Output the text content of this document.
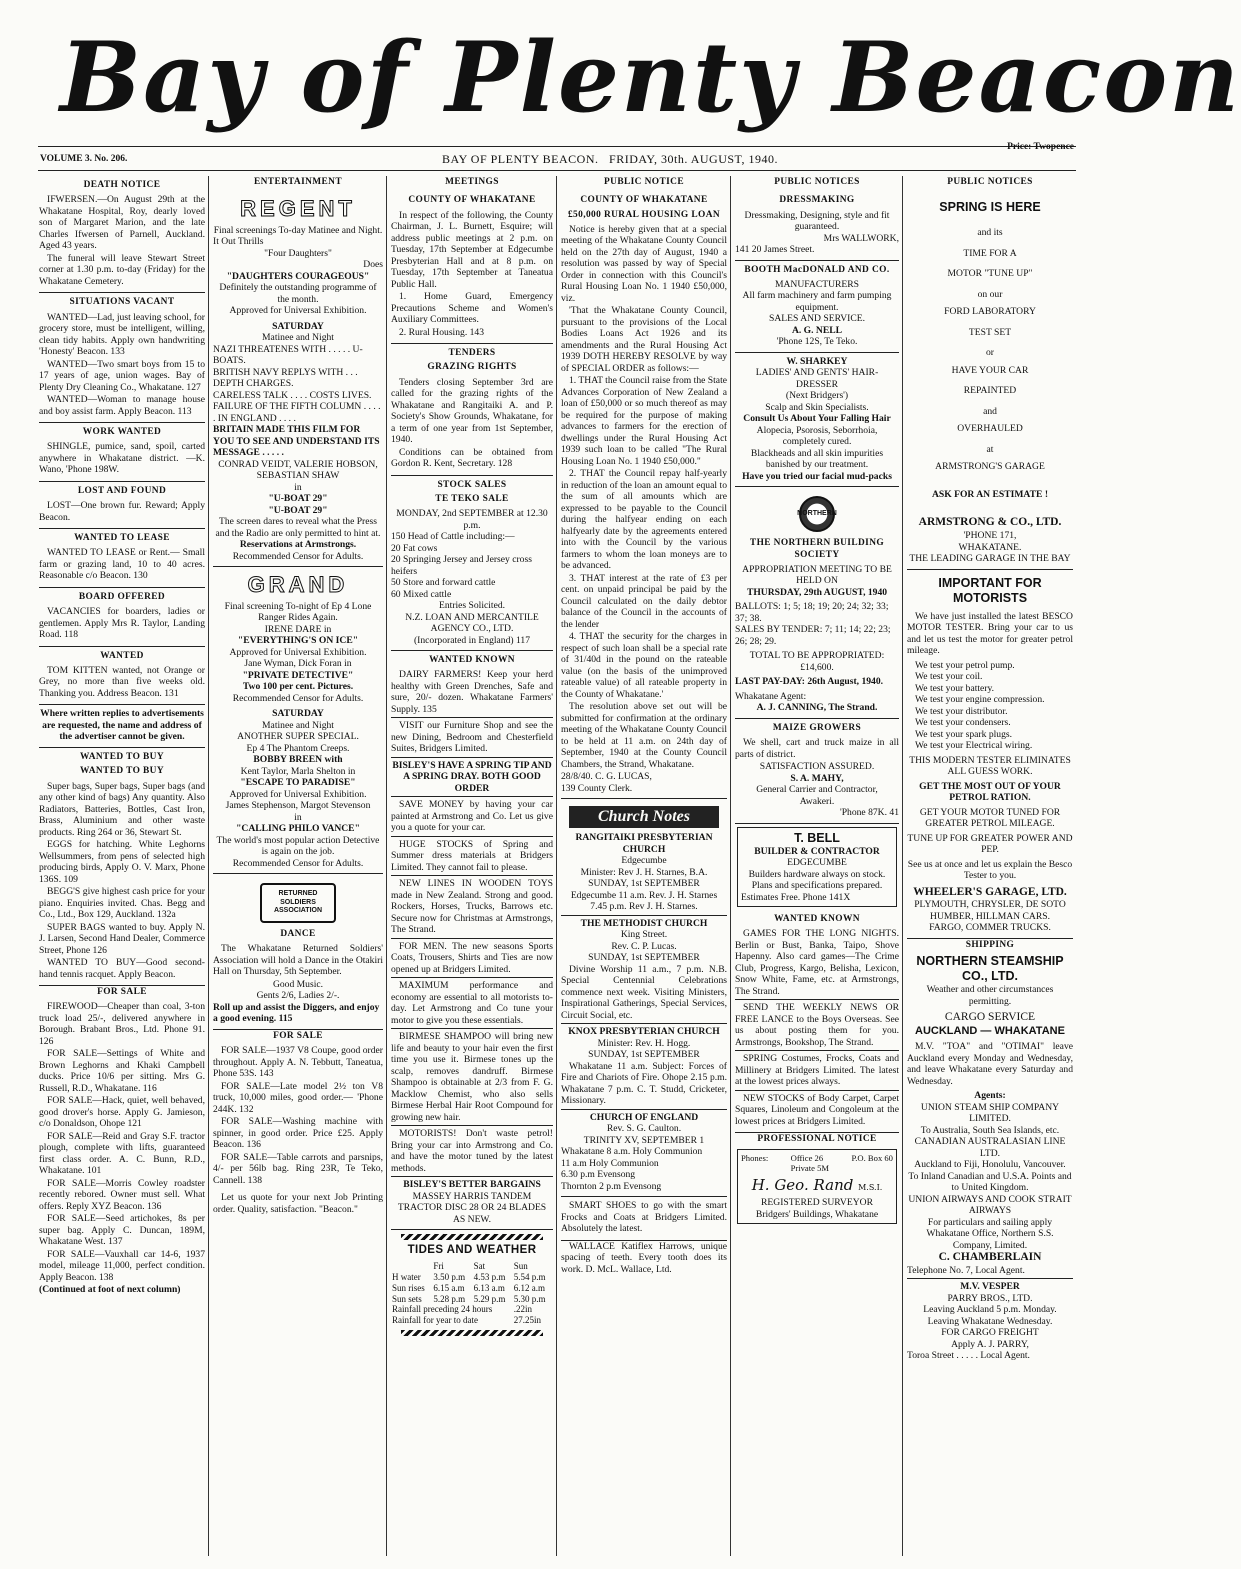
Bay of Plenty Beacon
VOLUME 3. No. 206.	BAY OF PLENTY BEACON. FRIDAY, 30th. AUGUST, 1940.
Price: Twopence
DEATH NOTICE

IFWERSEN.—On August 29th at the Whakatane Hospital, Roy, dearly loved son of Margaret Marion, and the late Charles Ifwersen of Parnell, Auckland. Aged 43 years.

The funeral will leave Stewart Street corner at 1.30 p.m. to-day (Friday) for the Whakatane Cemetery.

SITUATIONS VACANT

WANTED—Lad, just leaving school, for grocery store, must be intelligent, willing, clean tidy habits. Apply own handwriting 'Honesty' Beacon. 133

WANTED—Two smart boys from 15 to 17 years of age, union wages. Bay of Plenty Dry Cleaning Co., Whakatane. 127

WANTED—Woman to manage house and boy assist farm. Apply Beacon. 113

WORK WANTED

SHINGLE, pumice, sand, spoil, carted anywhere in Whakatane district. —K. Wano, 'Phone 198W.

LOST AND FOUND

LOST—One brown fur. Reward; Apply Beacon.

WANTED TO LEASE

WANTED TO LEASE or Rent.— Small farm or grazing land, 10 to 40 acres. Reasonable c/o Beacon. 130

BOARD OFFERED

VACANCIES for boarders, ladies or gentlemen. Apply Mrs R. Taylor, Landing Road. 118

WANTED

TOM KITTEN wanted, not Orange or Grey, no more than five weeks old. Thanking you. Address Beacon. 131

Where written replies to advertisements are requested, the name and address of the advertiser cannot be given.

WANTED TO BUY
WANTED TO BUY

Super bags, Super bags, Super bags (and any other kind of bags) Any quantity. Also Radiators, Batteries, Bottles, Cast Iron, Brass, Aluminium and other waste products. Ring 264 or 36, Stewart St.

EGGS for hatching. White Leghorns Wellsummers, from pens of selected high producing birds, Apply O. V. Marx, Phone 136S. 109

BEGG'S give highest cash price for your piano. Enquiries invited. Chas. Begg and Co., Ltd., Box 129, Auckland. 132a

SUPER BAGS wanted to buy. Apply N. J. Larsen, Second Hand Dealer, Commerce Street, Phone 126

WANTED TO BUY—Good second-hand tennis racquet. Apply Beacon.

FOR SALE

FIREWOOD—Cheaper than coal, 3-ton truck load 25/-, delivered anywhere in Borough. Brabant Bros., Ltd. Phone 91. 126

FOR SALE—Settings of White and Brown Leghorns and Khaki Campbell ducks. Price 10/6 per sitting. Mrs G. Russell, R.D., Whakatane. 116

FOR SALE—Hack, quiet, well behaved, good drover's horse. Apply G. Jamieson, c/o Donaldson, Ohope 121

FOR SALE—Reid and Gray S.F. tractor plough, complete with lifts, guaranteed first class order. A. C. Bunn, R.D., Whakatane. 101

FOR SALE—Morris Cowley roadster recently rebored. Owner must sell. What offers. Reply XYZ Beacon. 136

FOR SALE—Seed artichokes, 8s per super bag. Apply C. Duncan, 189M, Whakatane West. 137

FOR SALE—Vauxhall car 14-6, 1937 model, mileage 11,000, perfect condition. Apply Beacon. 138

(Continued at foot of next column)

ENTERTAINMENT
REGENT

Final screenings To-day Matinee and Night.

It Out Thrills

"Four Daughters"

Does

"DAUGHTERS COURAGEOUS"

Definitely the outstanding programme of the month.

Approved for Universal Exhibition.

SATURDAY

Matinee and Night

NAZI THREATENES WITH . . . . . U-BOATS.

BRITISH NAVY REPLYS WITH . . . DEPTH CHARGES.

CARELESS TALK . . . . COSTS LIVES.

FAILURE OF THE FIFTH COLUMN . . . . . IN ENGLAND . . . .

BRITAIN MADE THIS FILM FOR YOU TO SEE AND UNDERSTAND ITS MESSAGE . . . . .

CONRAD VEIDT, VALERIE HOBSON, SEBASTIAN SHAW

in

"U-BOAT 29"

"U-BOAT 29"

The screen dares to reveal what the Press and the Radio are only permitted to hint at.

Reservations at Armstrongs.

Recommended Censor for Adults.

GRAND

Final screening To-night of Ep 4 Lone Ranger Rides Again.

IRENE DARE in

"EVERYTHING'S ON ICE"

Approved for Universal Exhibition.

Jane Wyman, Dick Foran in

"PRIVATE DETECTIVE"

Two 100 per cent. Pictures.

Recommended Censor for Adults.

SATURDAY

Matinee and Night

ANOTHER SUPER SPECIAL.

Ep 4 The Phantom Creeps.

BOBBY BREEN with

Kent Taylor, Marla Shelton in

"ESCAPE TO PARADISE"

Approved for Universal Exhibition.

James Stephenson, Margot Stevenson

in

"CALLING PHILO VANCE"

The world's most popular action Detective is again on the job.

Recommended Censor for Adults.

RETURNED SOLDIERS ASSOCIATION
DANCE

The Whakatane Returned Soldiers' Association will hold a Dance in the Otakiri Hall on Thursday, 5th September.

Good Music.

Gents 2/6, Ladies 2/-.

Roll up and assist the Diggers, and enjoy a good evening. 115

FOR SALE

FOR SALE—1937 V8 Coupe, good order throughout. Apply A. N. Tebbutt, Taneatua, Phone 53S. 143

FOR SALE—Late model 2½ ton V8 truck, 10,000 miles, good order.— 'Phone 244K. 132

FOR SALE—Washing machine with spinner, in good order. Price £25. Apply Beacon. 136

FOR SALE—Table carrots and parsnips, 4/- per 56lb bag. Ring 23R, Te Teko, Cannell. 138

Let us quote for your next Job Printing order. Quality, satisfaction. "Beacon."

MEETINGS
COUNTY OF WHAKATANE

In respect of the following, the County Chairman, J. L. Burnett, Esquire; will address public meetings at 2 p.m. on Tuesday, 17th September at Edgecumbe Presbyterian Hall and at 8 p.m. on Tuesday, 17th September at Taneatua Public Hall.

1. Home Guard, Emergency Precautions Scheme and Women's Auxiliary Committees.

2. Rural Housing. 143

TENDERS
GRAZING RIGHTS

Tenders closing September 3rd are called for the grazing rights of the Whakatane and Rangitaiki A. and P. Society's Show Grounds, Whakatane, for a term of one year from 1st September, 1940.

Conditions can be obtained from Gordon R. Kent, Secretary. 128

STOCK SALES
TE TEKO SALE

MONDAY, 2nd SEPTEMBER at 12.30 p.m.

150 Head of Cattle including:—

20 Fat cows

20 Springing Jersey and Jersey cross heifers

50 Store and forward cattle

60 Mixed cattle

Entries Solicited.

N.Z. LOAN AND MERCANTILE AGENCY CO., LTD.

(Incorporated in England) 117

WANTED KNOWN

DAIRY FARMERS! Keep your herd healthy with Green Drenches, Safe and sure, 20/- dozen. Whakatane Farmers' Supply. 135

VISIT our Furniture Shop and see the new Dining, Bedroom and Chesterfield Suites, Bridgers Limited.

BISLEY'S HAVE A SPRING TIP AND A SPRING DRAY. BOTH GOOD ORDER

SAVE MONEY by having your car painted at Armstrong and Co. Let us give you a quote for your car.

HUGE STOCKS of Spring and Summer dress materials at Bridgers Limited. They cannot fail to please.

NEW LINES IN WOODEN TOYS made in New Zealand. Strong and good. Rockers, Horses, Trucks, Barrows etc. Secure now for Christmas at Armstrongs, The Strand.

FOR MEN. The new seasons Sports Coats, Trousers, Shirts and Ties are now opened up at Bridgers Limited.

MAXIMUM performance and economy are essential to all motorists to-day. Let Armstrong and Co tune your motor to give you these essentials.

BIRMESE SHAMPOO will bring new life and beauty to your hair even the first time you use it. Birmese tones up the scalp, removes dandruff. Birmese Shampoo is obtainable at 2/3 from F. G. Macklow Chemist, who also sells Birmese Herbal Hair Root Compound for growing new hair.

MOTORISTS! Don't waste petrol! Bring your car into Armstrong and Co. and have the motor tuned by the latest methods.

BISLEY'S BETTER BARGAINS

MASSEY HARRIS TANDEM TRACTOR DISC 28 OR 24 BLADES AS NEW.

TIDES AND WEATHER
	Fri	Sat	Sun
H water	3.50 p.m	4.53 p.m	5.54 p.m
Sun rises	6.15 a.m	6.13 a.m	6.12 a.m
Sun sets	5.28 p.m	5.29 p.m	5.30 p.m
Rainfall preceding 24 hours			.22in
Rainfall for year to date			27.25in
PUBLIC NOTICE
COUNTY OF WHAKATANE
£50,000 RURAL HOUSING LOAN

Notice is hereby given that at a special meeting of the Whakatane County Council held on the 27th day of August, 1940 a resolution was passed by way of Special Order in connection with this Council's Rural Housing Loan No. 1 1940 £50,000, viz.

'That the Whakatane County Council, pursuant to the provisions of the Local Bodies Loans Act 1926 and its amendments and the Rural Housing Act 1939 DOTH HEREBY RESOLVE by way of SPECIAL ORDER as follows:—

1. THAT the Council raise from the State Advances Corporation of New Zealand a loan of £50,000 or so much thereof as may be required for the purpose of making advances to farmers for the erection of dwellings under the Rural Housing Act 1939 such loan to be called "The Rural Housing Loan No. 1 1940 £50,000."

2. THAT the Council repay half-yearly in reduction of the loan an amount equal to the sum of all amounts which are expressed to be payable to the Council during the halfyear ending on each halfyearly date by the agreements entered into with the Council by the various farmers to whom the loan moneys are to be advanced.

3. THAT interest at the rate of £3 per cent. on unpaid principal be paid by the Council calculated on the daily debtor balance of the Council in the accounts of the lender

4. THAT the security for the charges in respect of such loan shall be a special rate of 31/40d in the pound on the rateable value (on the basis of the unimproved rateable value) of all rateable property in the County of Whakatane.'

The resolution above set out will be submitted for confirmation at the ordinary meeting of the Whakatane County Council to be held at 11 a.m. on 24th day of September, 1940 at the County Council Chambers, the Strand, Whakatane.

28/8/40. C. G. LUCAS,

139 County Clerk.

Church Notes

RANGITAIKI PRESBYTERIAN CHURCH

Edgecumbe

Minister: Rev J. H. Starnes, B.A.

SUNDAY, 1st SEPTEMBER

Edgecumbe 11 a.m. Rev. J. H. Starnes

7.45 p.m. Rev J. H. Starnes.

THE METHODIST CHURCH

King Street.

Rev. C. P. Lucas.

SUNDAY, 1st SEPTEMBER

Divine Worship 11 a.m., 7 p.m. N.B. Special Centennial Celebrations commence next week. Visiting Ministers, Inspirational Gatherings, Special Services, Circuit Social, etc.

KNOX PRESBYTERIAN CHURCH

Minister: Rev. H. Hogg.

SUNDAY, 1st SEPTEMBER

Whakatane 11 a.m. Subject: Forces of Fire and Chariots of Fire. Ohope 2.15 p.m. Whakatane 7 p.m. C. T. Studd, Cricketer, Missionary.

CHURCH OF ENGLAND

Rev. S. G. Caulton.

TRINITY XV, SEPTEMBER 1

Whakatane 8 a.m. Holy Communion

11 a.m Holy Communion

6.30 p.m Evensong

Thornton 2 p.m Evensong

SMART SHOES to go with the smart Frocks and Coats at Bridgers Limited. Absolutely the latest.

WALLACE Katiflex Harrows, unique spacing of teeth. Every tooth does its work. D. McL. Wallace, Ltd.

PUBLIC NOTICES
DRESSMAKING

Dressmaking, Designing, style and fit guaranteed.

Mrs WALLWORK,

141 20 James Street.

BOOTH MacDONALD AND CO.

MANUFACTURERS

All farm machinery and farm pumping equipment.

SALES AND SERVICE.

A. G. NELL

'Phone 12S, Te Teko.

W. SHARKEY

LADIES' AND GENTS' HAIR-DRESSER

(Next Bridgers')

Scalp and Skin Specialists.

Consult Us About Your Falling Hair

Alopecia, Psorosis, Seborrhoia, completely cured.

Blackheads and all skin impurities banished by our treatment.

Have you tried our facial mud-packs

NORTHERN
THE NORTHERN BUILDING SOCIETY

APPROPRIATION MEETING TO BE HELD ON

THURSDAY, 29th AUGUST, 1940

BALLOTS: 1; 5; 18; 19; 20; 24; 32; 33; 37; 38.

SALES BY TENDER: 7; 11; 14; 22; 23; 26; 28; 29.

TOTAL TO BE APPROPRIATED:

£14,600.

LAST PAY-DAY: 26th August, 1940.

Whakatane Agent:

A. J. CANNING, The Strand.

MAIZE GROWERS

We shell, cart and truck maize in all parts of district.

SATISFACTION ASSURED.

S. A. MAHY,

General Carrier and Contractor,

Awakeri.

'Phone 87K. 41

T. BELL

BUILDER & CONTRACTOR

EDGECUMBE

Builders hardware always on stock. Plans and specifications prepared.

Estimates Free. Phone 141X

WANTED KNOWN

GAMES FOR THE LONG NIGHTS. Berlin or Bust, Banka, Taipo, Shove Hapenny. Also card games—The Crime Club, Progress, Kargo, Belisha, Lexicon, Snow White, Fame, etc. at Armstrongs, The Strand.

SEND THE WEEKLY NEWS OR FREE LANCE to the Boys Overseas. See us about posting them for you. Armstrongs, Bookshop, The Strand.

SPRING Costumes, Frocks, Coats and Millinery at Bridgers Limited. The latest at the lowest prices always.

NEW STOCKS of Body Carpet, Carpet Squares, Linoleum and Congoleum at the lowest prices at Bridgers Limited.

PROFESSIONAL NOTICE
Phones:	Office 26
Private 5M
P.O. Box 60
H. Geo. Rand M.S.I.

REGISTERED SURVEYOR

Bridgers' Buildings, Whakatane

PUBLIC NOTICES

SPRING IS HERE

and its

TIME FOR A

MOTOR "TUNE UP"

on our

FORD LABORATORY

TEST SET

or

HAVE YOUR CAR

REPAINTED

and

OVERHAULED

at

ARMSTRONG'S GARAGE

ASK FOR AN ESTIMATE !

ARMSTRONG & CO., LTD.

'PHONE 171,

WHAKATANE.

THE LEADING GARAGE IN THE BAY

IMPORTANT FOR MOTORISTS

We have just installed the latest BESCO MOTOR TESTER. Bring your car to us and let us test the motor for greater petrol mileage.

We test your petrol pump.

We test your coil.

We test your battery.

We test your engine compression.

We test your distributor.

We test your condensers.

We test your spark plugs.

We test your Electrical wiring.

THIS MODERN TESTER ELIMINATES ALL GUESS WORK.

GET THE MOST OUT OF YOUR PETROL RATION.

GET YOUR MOTOR TUNED FOR GREATER PETROL MILEAGE.

TUNE UP FOR GREATER POWER AND PEP.

See us at once and let us explain the Besco Tester to you.

WHEELER'S GARAGE, LTD.

PLYMOUTH, CHRYSLER, DE SOTO HUMBER, HILLMAN CARS.

FARGO, COMMER TRUCKS.

SHIPPING

NORTHERN STEAMSHIP CO., LTD.

Weather and other circumstances permitting.

CARGO SERVICE

AUCKLAND — WHAKATANE

M.V. "TOA" and "OTIMAI" leave Auckland every Monday and Wednesday, and leave Whakatane every Saturday and Wednesday.

Agents:

UNION STEAM SHIP COMPANY LIMITED.

To Australia, South Sea Islands, etc.

CANADIAN AUSTRALASIAN LINE LTD.

Auckland to Fiji, Honolulu, Vancouver.

To Inland Canadian and U.S.A. Points and to United Kingdom.

UNION AIRWAYS AND COOK STRAIT AIRWAYS

For particulars and sailing apply Whakatane Office, Northern S.S. Company, Limited.

C. CHAMBERLAIN

Telephone No. 7, Local Agent.

M.V. VESPER

PARRY BROS., LTD.

Leaving Auckland 5 p.m. Monday.

Leaving Whakatane Wednesday.

FOR CARGO FREIGHT

Apply A. J. PARRY,

Toroa Street . . . . . Local Agent.
